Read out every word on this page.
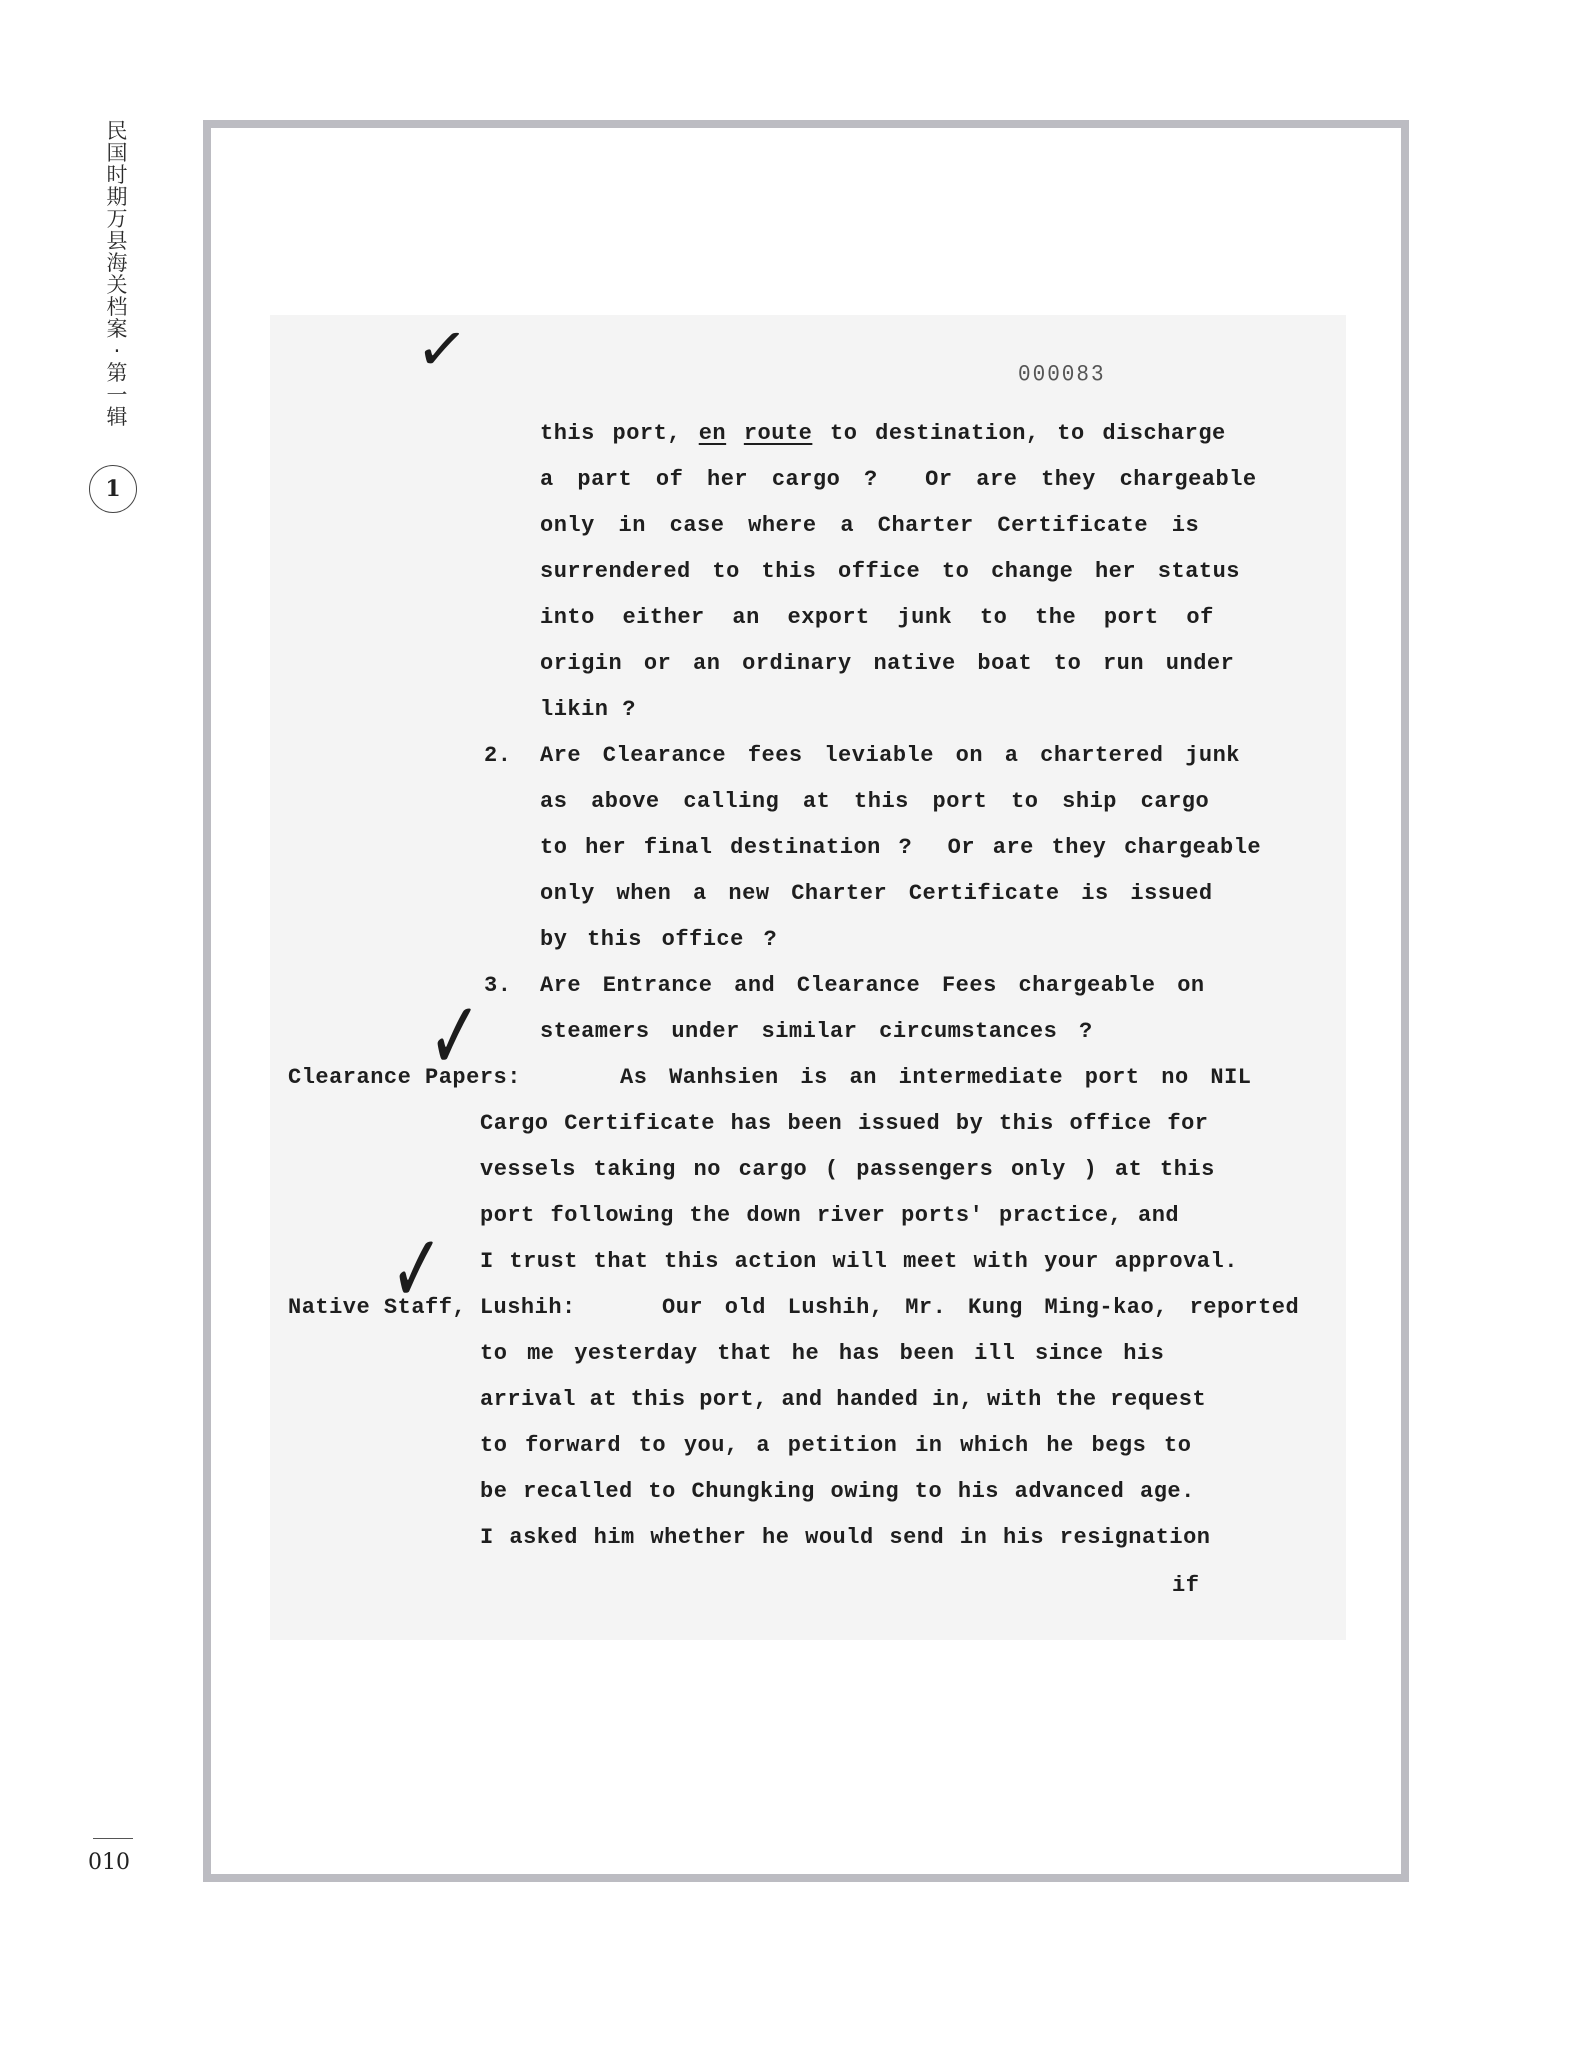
民
国
时
期
万
县
海
关
档
案
·
第
一
辑
1
010
✓
✓
✓
000083
this port, en route to destination, to discharge
a part of her cargo ?  Or are they chargeable
only in case where a Charter Certificate is
surrendered to this office to change her status
into either an export junk to the port of
origin or an ordinary native boat to run under
likin ?
2. Are Clearance fees leviable on a chartered junk
as above calling at this port to ship cargo
to her final destination ?  Or are they chargeable
only when a new Charter Certificate is issued
by this office ?
3. Are Entrance and Clearance Fees chargeable on
steamers under similar circumstances ?
Clearance Papers:	As Wanhsien is an intermediate port no NIL
Cargo Certificate has been issued by this office for
vessels taking no cargo ( passengers only ) at this
port following the down river ports' practice, and
I trust that this action will meet with your approval.
Native Staff, Lushih:	Our old Lushih, Mr. Kung Ming-kao, reported
to me yesterday that he has been ill since his
arrival at this port, and handed in, with the request
to forward to you, a petition in which he begs to
be recalled to Chungking owing to his advanced age.
I asked him whether he would send in his resignation
if
